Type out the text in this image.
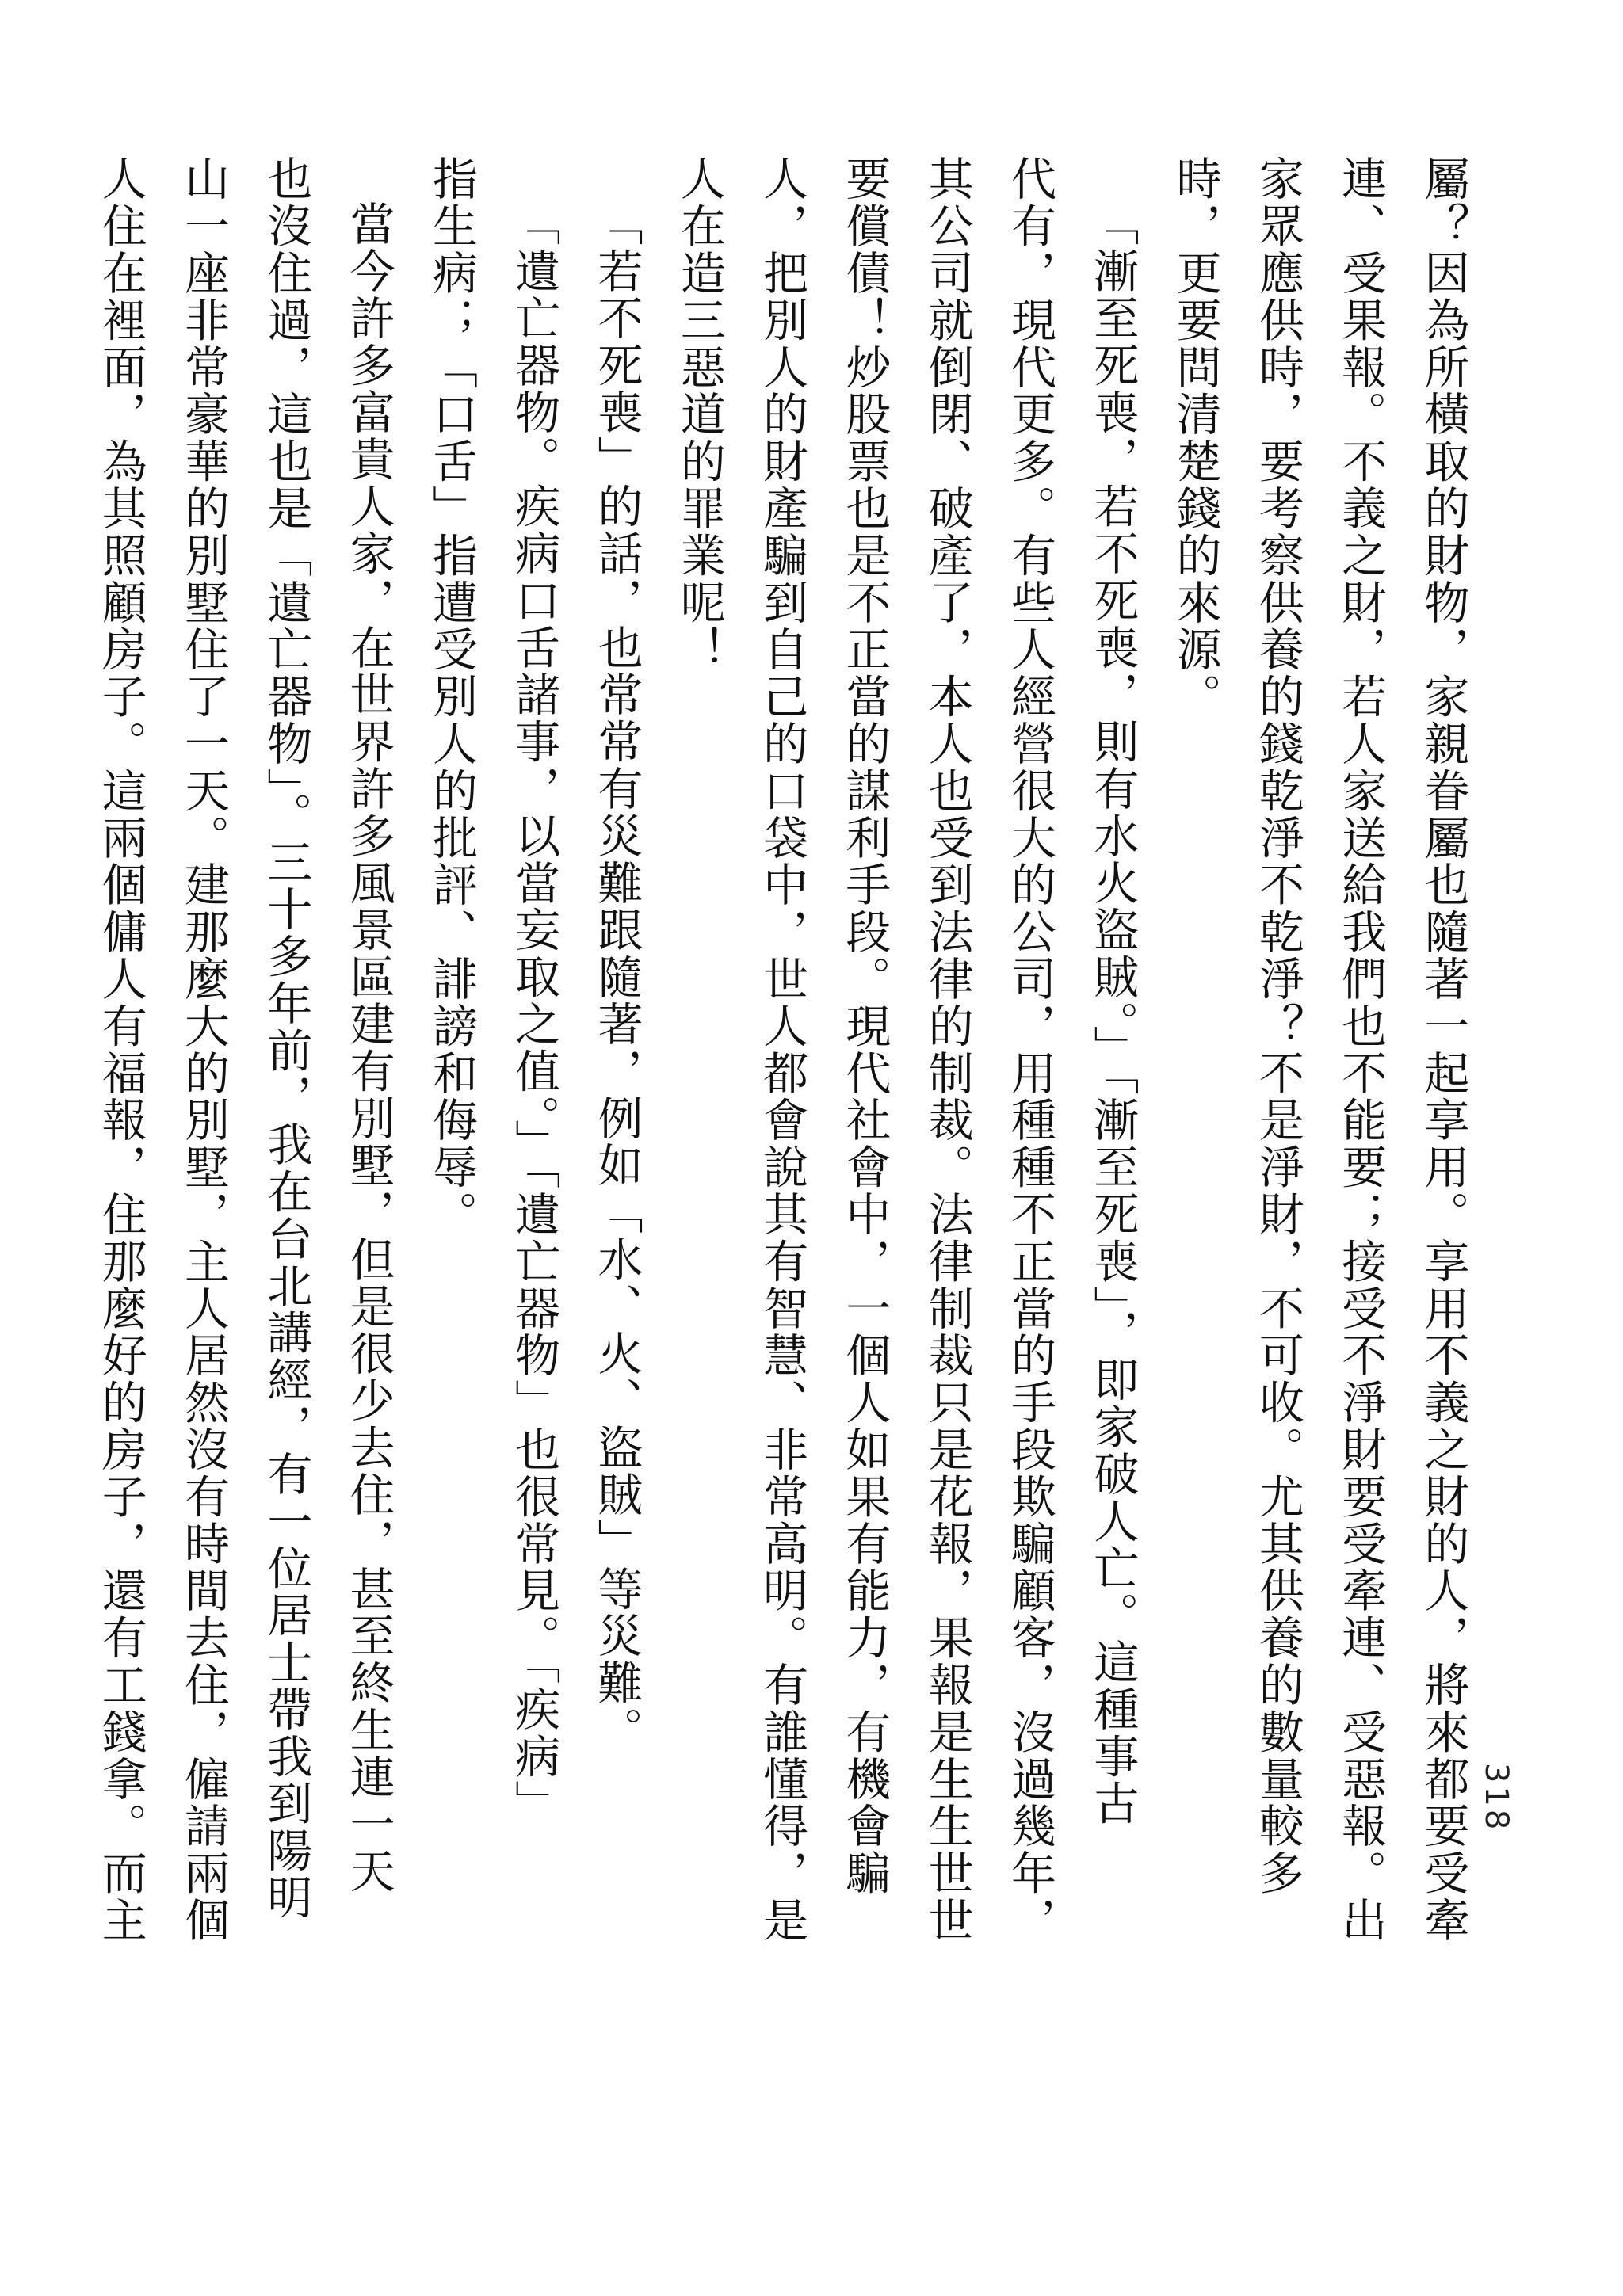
318
屬？因為所橫取的財物，家親眷屬也隨著一起享用。享用不義之財的人，將來都要受牽
連、受果報。不義之財，若人家送給我們也不能要；接受不淨財要受牽連、受惡報。出
家眾應供時，要考察供養的錢乾淨不乾淨？不是淨財，不可收。尤其供養的數量較多
時，更要問清楚錢的來源。
「漸至死喪，若不死喪，則有水火盜賊。」「漸至死喪」，即家破人亡。這種事古
代有，現代更多。有些人經營很大的公司，用種種不正當的手段欺騙顧客，沒過幾年，
其公司就倒閉、破產了，本人也受到法律的制裁。法律制裁只是花報，果報是生生世世
要償債！炒股票也是不正當的謀利手段。現代社會中，一個人如果有能力，有機會騙
人，把別人的財產騙到自己的口袋中，世人都會說其有智慧、非常高明。有誰懂得，是
人在造三惡道的罪業呢！
「若不死喪」的話，也常常有災難跟隨著，例如「水、火、盜賊」等災難。
「遺亡器物。疾病口舌諸事，以當妄取之值。」「遺亡器物」也很常見。「疾病」
指生病；「口舌」指遭受別人的批評、誹謗和侮辱。
當今許多富貴人家，在世界許多風景區建有別墅，但是很少去住，甚至終生連一天
也沒住過，這也是「遺亡器物」。三十多年前，我在台北講經，有一位居士帶我到陽明
山一座非常豪華的別墅住了一天。建那麼大的別墅，主人居然沒有時間去住，僱請兩個
人住在裡面，為其照顧房子。這兩個傭人有福報，住那麼好的房子，還有工錢拿。而主
